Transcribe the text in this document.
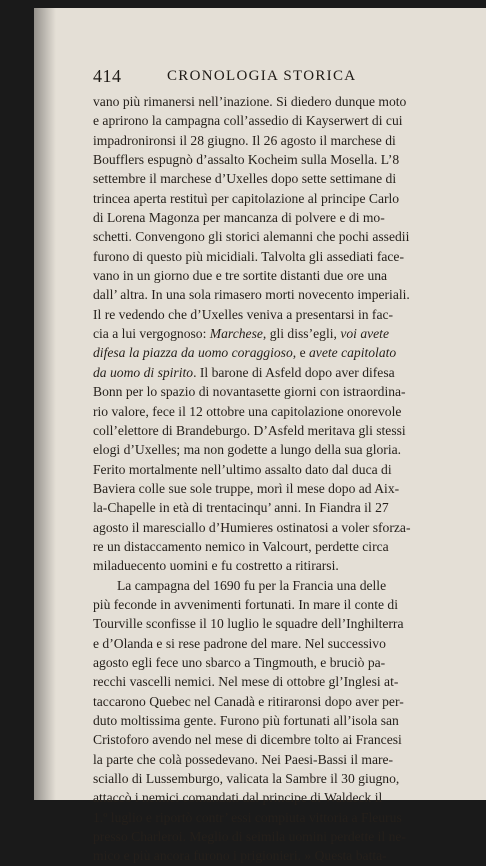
414	CRONOLOGIA STORICA
vano più rimanersi nell’inazione. Si diedero dunque moto
e aprirono la campagna coll’assedio di Kayserwert di cui
impadronironsi il 28 giugno. Il 26 agosto il marchese di
Boufflers espugnò d’assalto Kocheim sulla Mosella. L’8
settembre il marchese d’Uxelles dopo sette settimane di
trincea aperta restituì per capitolazione al principe Carlo
di Lorena Magonza per mancanza di polvere e di mo-
schetti. Convengono gli storici alemanni che pochi assedii
furono di questo più micidiali. Talvolta gli assediati face-
vano in un giorno due e tre sortite distanti due ore una
dall’ altra. In una sola rimasero morti novecento imperiali.
Il re vedendo che d’Uxelles veniva a presentarsi in fac-
cia a lui vergognoso: Marchese, gli diss’egli, voi avete
difesa la piazza da uomo coraggioso, e avete capitolato
da uomo di spirito. Il barone di Asfeld dopo aver difesa
Bonn per lo spazio di novantasette giorni con istraordina-
rio valore, fece il 12 ottobre una capitolazione onorevole
coll’elettore di Brandeburgo. D’Asfeld meritava gli stessi
elogi d’Uxelles; ma non godette a lungo della sua gloria.
Ferito mortalmente nell’ultimo assalto dato dal duca di
Baviera colle sue sole truppe, morì il mese dopo ad Aix-
la-Chapelle in età di trentacinqu’ anni. In Fiandra il 27
agosto il maresciallo d’Humieres ostinatosi a voler sforza-
re un distaccamento nemico in Valcourt, perdette circa
miladuecento uomini e fu costretto a ritirarsi.
La campagna del 1690 fu per la Francia una delle
più feconde in avvenimenti fortunati. In mare il conte di
Tourville sconfisse il 10 luglio le squadre dell’Inghilterra
e d’Olanda e si rese padrone del mare. Nel successivo
agosto egli fece uno sbarco a Tingmouth, e bruciò pa-
recchi vascelli nemici. Nel mese di ottobre gl’Inglesi at-
taccarono Quebec nel Canadà e ritiraronsi dopo aver per-
duto moltissima gente. Furono più fortunati all’isola san
Cristoforo avendo nel mese di dicembre tolto ai Francesi
la parte che colà possedevano. Nei Paesi-Bassi il mare-
sciallo di Lussemburgo, valicata la Sambre il 30 giugno,
attaccò i nemici comandati dal principe di Waldeck il
1.º luglio e riportò contr’ essi compiuta vittoria a Fleurus
presso Charleroi. Meglio di seimila uomini perdette il ne-
mico e più ancora furono i prigionieri. » Questa batta-
